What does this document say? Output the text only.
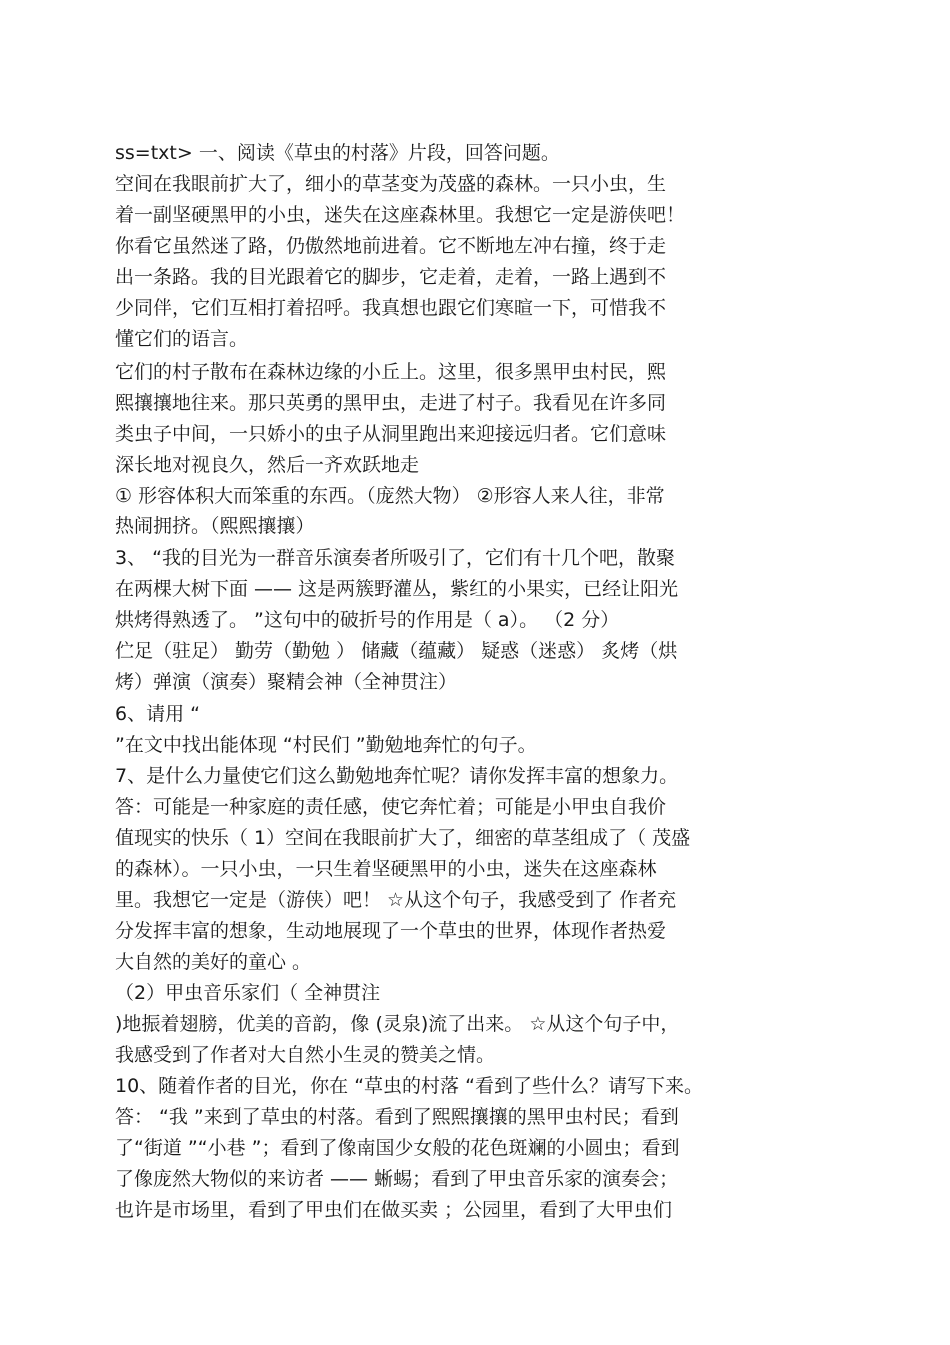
ss=txt> 一、阅读《草虫的村落》片段，回答问题。
空间在我眼前扩大了，细小的草茎变为茂盛的森林。一只小虫，生
着一副坚硬黑甲的小虫，迷失在这座森林里。我想它一定是游侠吧！
你看它虽然迷了路，仍傲然地前进着。它不断地左冲右撞，终于走
出一条路。我的目光跟着它的脚步，它走着，走着，一路上遇到不
少同伴，它们互相打着招呼。我真想也跟它们寒暄一下，可惜我不
懂它们的语言。
它们的村子散布在森林边缘的小丘上。这里，很多黑甲虫村民，熙
熙攘攘地往来。那只英勇的黑甲虫，走进了村子。我看见在许多同
类虫子中间，一只娇小的虫子从洞里跑出来迎接远归者。它们意味
深长地对视良久，然后一齐欢跃地走
① 形容体积大而笨重的东西。（庞然大物） ②形容人来人往，非常
热闹拥挤。（熙熙攘攘）
3、 “我的目光为一群音乐演奏者所吸引了，它们有十几个吧，散聚
在两棵大树下面 —— 这是两簇野灌丛，紫红的小果实，已经让阳光
烘烤得熟透了。 ”这句中的破折号的作用是（ a）。 （2 分）
伫足（驻足） 勤劳（勤勉 ） 储藏（蕴藏） 疑惑（迷惑） 炙烤（烘
烤）弹演（演奏）聚精会神（全神贯注）
6、请用 “
”在文中找出能体现 “村民们 ”勤勉地奔忙的句子。
7、是什么力量使它们这么勤勉地奔忙呢？请你发挥丰富的想象力。
答：可能是一种家庭的责任感，使它奔忙着；可能是小甲虫自我价
值现实的快乐（ 1）空间在我眼前扩大了，细密的草茎组成了（ 茂盛
的森林）。一只小虫，一只生着坚硬黑甲的小虫，迷失在这座森林
里。我想它一定是（游侠）吧！ ☆从这个句子，我感受到了 作者充
分发挥丰富的想象，生动地展现了一个草虫的世界，体现作者热爱
大自然的美好的童心 。
（2）甲虫音乐家们（ 全神贯注
)地振着翅膀，优美的音韵，像 (灵泉)流了出来。 ☆从这个句子中，
我感受到了作者对大自然小生灵的赞美之情。
10、随着作者的目光，你在 “草虫的村落 “看到了些什么？请写下来。
答： “我 ”来到了草虫的村落。看到了熙熙攘攘的黑甲虫村民；看到
了“街道 ”“小巷 ”；看到了像南国少女般的花色斑斓的小圆虫；看到
了像庞然大物似的来访者 —— 蜥蜴；看到了甲虫音乐家的演奏会；
也许是市场里，看到了甲虫们在做买卖 ；公园里，看到了大甲虫们
